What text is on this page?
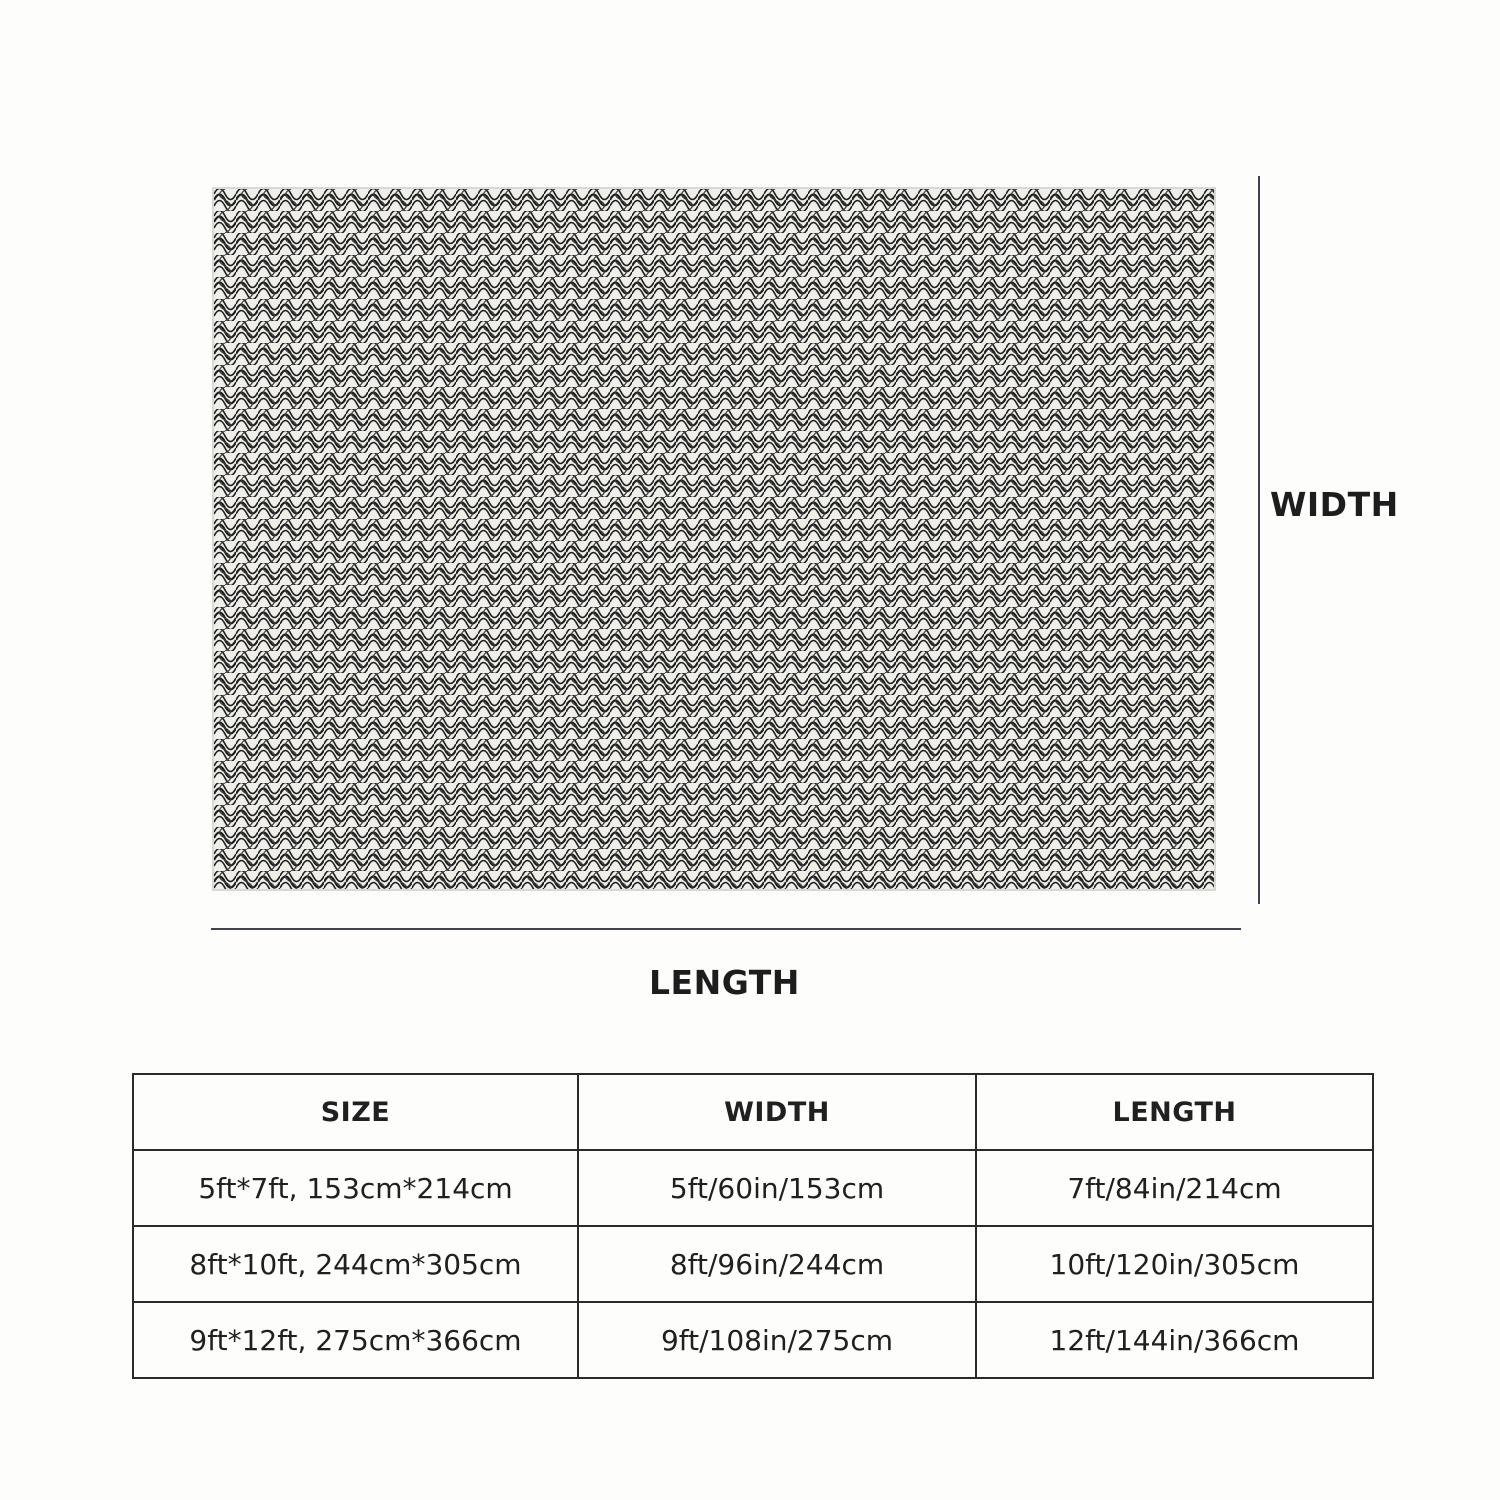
WIDTH
LENGTH
SIZE	WIDTH	LENGTH
5ft*7ft, 153cm*214cm	5ft/60in/153cm	7ft/84in/214cm
8ft*10ft, 244cm*305cm	8ft/96in/244cm	10ft/120in/305cm
9ft*12ft, 275cm*366cm	9ft/108in/275cm	12ft/144in/366cm
